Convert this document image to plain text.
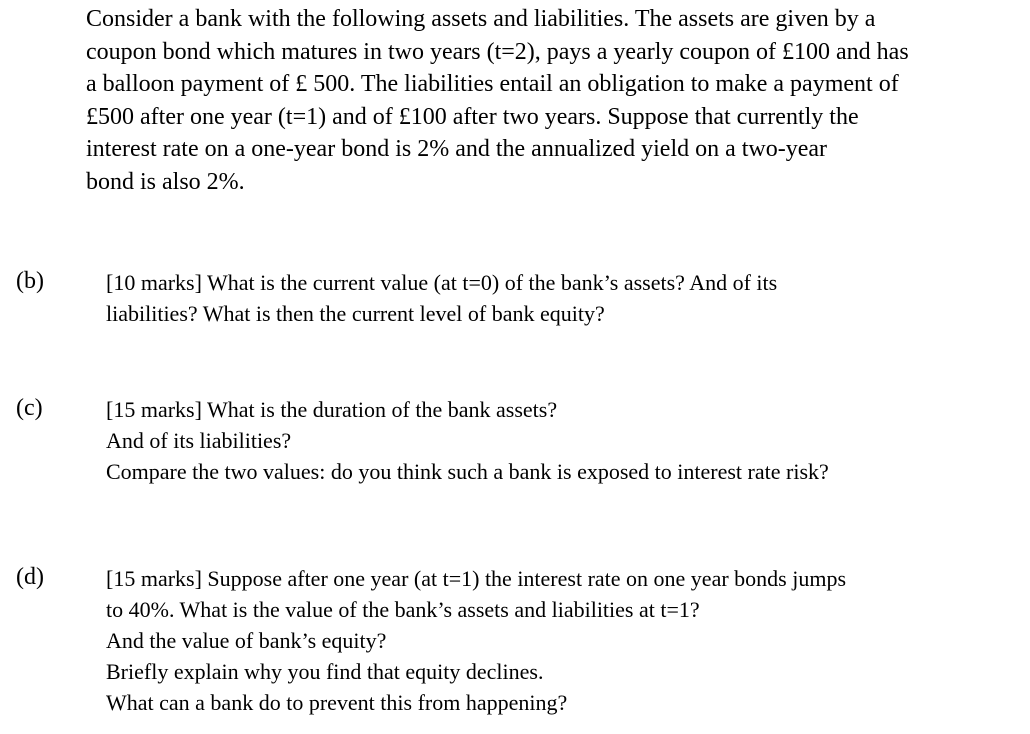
Consider a bank with the following assets and liabilities. The assets are given by a
coupon bond which matures in two years (t=2), pays a yearly coupon of £100 and has
a balloon payment of £ 500. The liabilities entail an obligation to make a payment of
£500 after one year (t=1) and of £100 after two years. Suppose that currently the
interest rate on a one-year bond is 2% and the annualized yield on a two-year
bond is also 2%.
(b)	[10 marks] What is the current value (at t=0) of the bank’s assets? And of its
liabilities? What is then the current level of bank equity?
(c)	[15 marks] What is the duration of the bank assets?
And of its liabilities?
Compare the two values: do you think such a bank is exposed to interest rate risk?
(d)	[15 marks] Suppose after one year (at t=1) the interest rate on one year bonds jumps
to 40%. What is the value of the bank’s assets and liabilities at t=1?
And the value of bank’s equity?
Briefly explain why you find that equity declines.
What can a bank do to prevent this from happening?
